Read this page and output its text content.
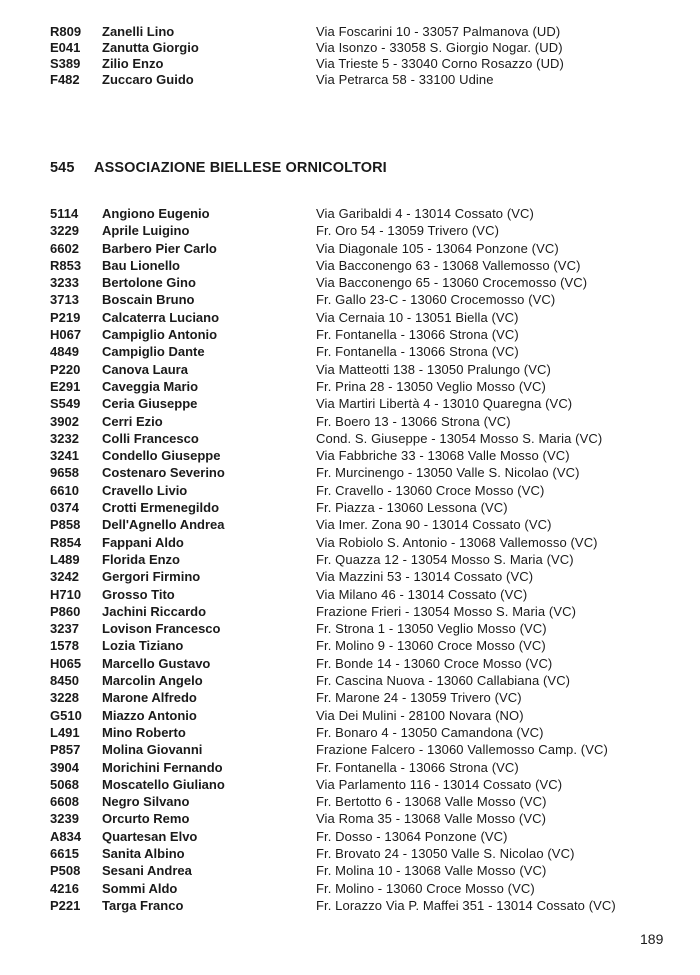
R809 Zanelli Lino	Via Foscarini 10 - 33057 Palmanova (UD)
E041 Zanutta Giorgio	Via Isonzo - 33058 S. Giorgio Nogar. (UD)
S389 Zilio Enzo	Via Trieste 5 - 33040 Corno Rosazzo (UD)
F482 Zuccaro Guido	Via Petrarca 58 - 33100 Udine
545 ASSOCIAZIONE BIELLESE ORNICOLTORI
5114 Angiono Eugenio	Via Garibaldi 4 - 13014 Cossato (VC)
3229 Aprile Luigino	Fr. Oro 54 - 13059 Trivero (VC)
6602 Barbero Pier Carlo	Via Diagonale 105 - 13064 Ponzone (VC)
R853 Bau Lionello	Via Bacconengo 63 - 13068 Vallemosso (VC)
3233 Bertolone Gino	Via Bacconengo 65 - 13060 Crocemosso (VC)
3713 Boscain Bruno	Fr. Gallo 23-C - 13060 Crocemosso (VC)
P219 Calcaterra Luciano	Via Cernaia 10 - 13051 Biella (VC)
H067 Campiglio Antonio	Fr. Fontanella - 13066 Strona (VC)
4849 Campiglio Dante	Fr. Fontanella - 13066 Strona (VC)
P220 Canova Laura	Via Matteotti 138 - 13050 Pralungo (VC)
E291 Caveggia Mario	Fr. Prina 28 - 13050 Veglio Mosso (VC)
S549 Ceria Giuseppe	Via Martiri Libertà 4 - 13010 Quaregna (VC)
3902 Cerri Ezio	Fr. Boero 13 - 13066 Strona (VC)
3232 Colli Francesco	Cond. S. Giuseppe - 13054 Mosso S. Maria (VC)
3241 Condello Giuseppe	Via Fabbriche 33 - 13068 Valle Mosso (VC)
9658 Costenaro Severino	Fr. Murcinengo - 13050 Valle S. Nicolao (VC)
6610 Cravello Livio	Fr. Cravello - 13060 Croce Mosso (VC)
0374 Crotti Ermenegildo	Fr. Piazza - 13060 Lessona (VC)
P858 Dell'Agnello Andrea	Via Imer. Zona 90 - 13014 Cossato (VC)
R854 Fappani Aldo	Via Robiolo S. Antonio - 13068 Vallemosso (VC)
L489 Florida Enzo	Fr. Quazza 12 - 13054 Mosso S. Maria (VC)
3242 Gergori Firmino	Via Mazzini 53 - 13014 Cossato (VC)
H710 Grosso Tito	Via Milano 46 - 13014 Cossato (VC)
P860 Jachini Riccardo	Frazione Frieri - 13054 Mosso S. Maria (VC)
3237 Lovison Francesco	Fr. Strona 1 - 13050 Veglio Mosso (VC)
1578 Lozia Tiziano	Fr. Molino 9 - 13060 Croce Mosso (VC)
H065 Marcello Gustavo	Fr. Bonde 14 - 13060 Croce Mosso (VC)
8450 Marcolin Angelo	Fr. Cascina Nuova - 13060 Callabiana (VC)
3228 Marone Alfredo	Fr. Marone 24 - 13059 Trivero (VC)
G510 Miazzo Antonio	Via Dei Mulini - 28100 Novara (NO)
L491 Mino Roberto	Fr. Bonaro 4 - 13050 Camandona (VC)
P857 Molina Giovanni	Frazione Falcero - 13060 Vallemosso Camp. (VC)
3904 Morichini Fernando	Fr. Fontanella - 13066 Strona (VC)
5068 Moscatello Giuliano	Via Parlamento 116 - 13014 Cossato (VC)
6608 Negro Silvano	Fr. Bertotto 6 - 13068 Valle Mosso (VC)
3239 Orcurto Remo	Via Roma 35 - 13068 Valle Mosso (VC)
A834 Quartesan Elvo	Fr. Dosso - 13064 Ponzone (VC)
6615 Sanita Albino	Fr. Brovato 24 - 13050 Valle S. Nicolao (VC)
P508 Sesani Andrea	Fr. Molina 10 - 13068 Valle Mosso (VC)
4216 Sommi Aldo	Fr. Molino - 13060 Croce Mosso (VC)
P221 Targa Franco	Fr. Lorazzo Via P. Maffei 351 - 13014 Cossato (VC)
189
